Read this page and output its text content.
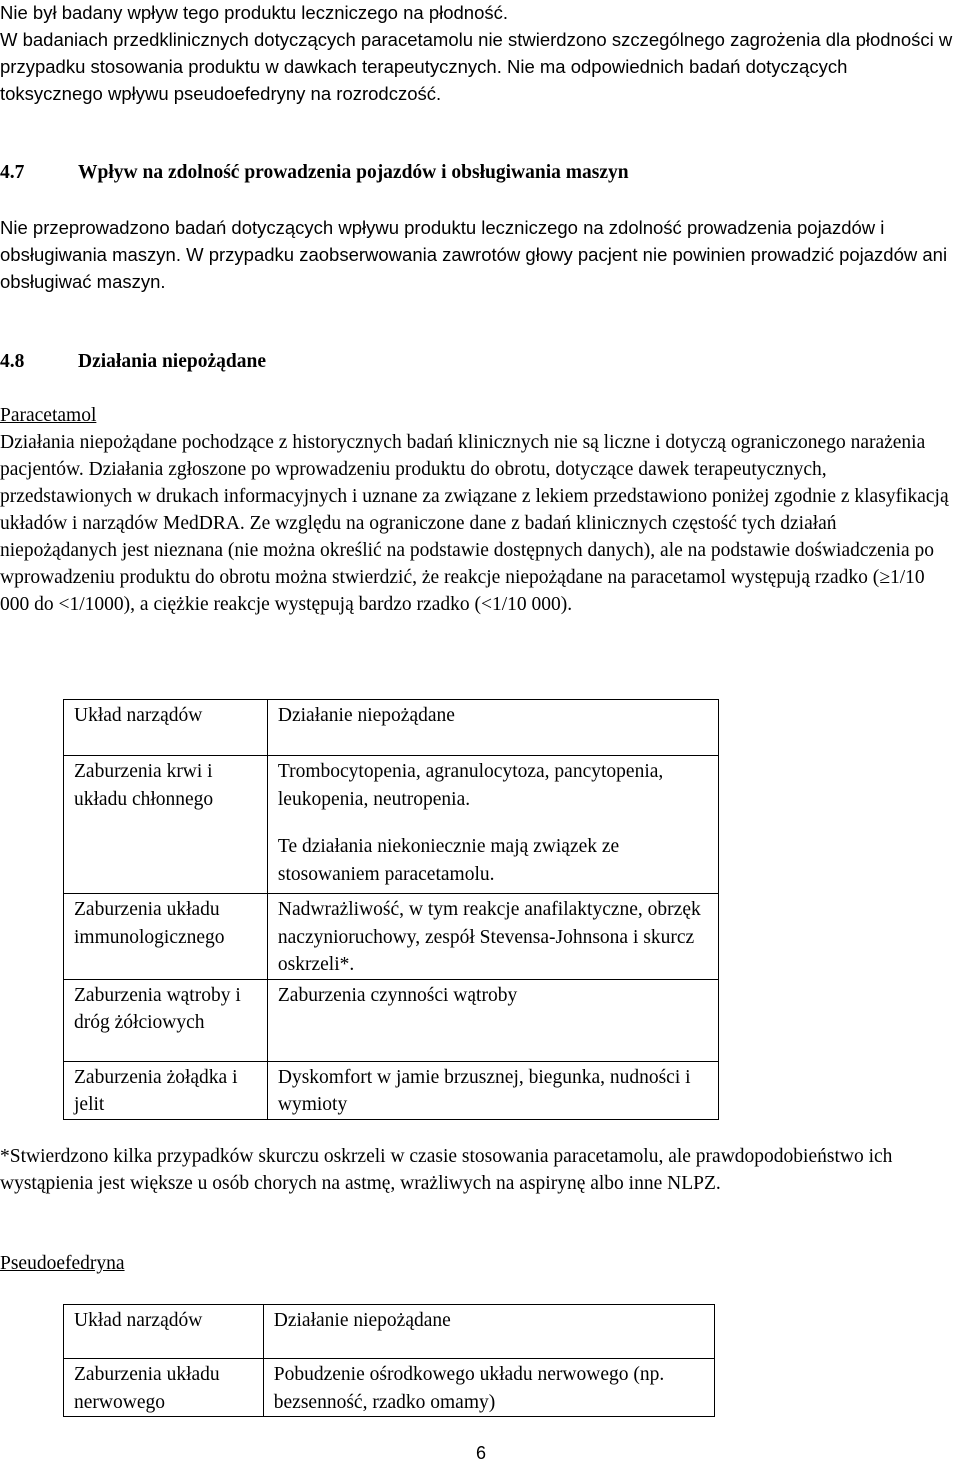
Nie był badany wpływ tego produktu leczniczego na płodność.
W badaniach przedklinicznych dotyczących paracetamolu nie stwierdzono szczególnego zagrożenia dla płodności w przypadku stosowania produktu w dawkach terapeutycznych. Nie ma odpowiednich badań dotyczących toksycznego wpływu pseudoefedryny na rozrodczość.

4.7	Wpływ na zdolność prowadzenia pojazdów i obsługiwania maszyn

Nie przeprowadzono badań dotyczących wpływu produktu leczniczego na zdolność prowadzenia pojazdów i obsługiwania maszyn. W przypadku zaobserwowania zawrotów głowy pacjent nie powinien prowadzić pojazdów ani obsługiwać maszyn.

4.8	Działania niepożądane
Paracetamol

Działania niepożądane pochodzące z historycznych badań klinicznych nie są liczne i dotyczą ograniczonego narażenia pacjentów. Działania zgłoszone po wprowadzeniu produktu do obrotu, dotyczące dawek terapeutycznych, przedstawionych w drukach informacyjnych i uznane za związane z lekiem przedstawiono poniżej zgodnie z klasyfikacją układów i narządów MedDRA. Ze względu na ograniczone dane z badań klinicznych częstość tych działań niepożądanych jest nieznana (nie można określić na podstawie dostępnych danych), ale na podstawie doświadczenia po wprowadzeniu produktu do obrotu można stwierdzić, że reakcje niepożądane na paracetamol występują rzadko (≥1/10 000 do <1/1000), a ciężkie reakcje występują bardzo rzadko (<1/10 000).

Układ narządów	Działanie niepożądane
Zaburzenia krwi i układu chłonnego	Trombocytopenia, agranulocytoza, pancytopenia, leukopenia, neutropenia.
Te działania niekoniecznie mają związek ze stosowaniem paracetamolu.

Zaburzenia układu immunologicznego	Nadwrażliwość, w tym reakcje anafilaktyczne, obrzęk naczynioruchowy, zespół Stevensa-Johnsona i skurcz oskrzeli*.
Zaburzenia wątroby i dróg żółciowych	Zaburzenia czynności wątroby
Zaburzenia żołądka i jelit	Dyskomfort w jamie brzusznej, biegunka, nudności i wymioty

*Stwierdzono kilka przypadków skurczu oskrzeli w czasie stosowania paracetamolu, ale prawdopodobieństwo ich wystąpienia jest większe u osób chorych na astmę, wrażliwych na aspirynę albo inne NLPZ.

Pseudoefedryna
Układ narządów	Działanie niepożądane
Zaburzenia układu nerwowego	Pobudzenie ośrodkowego układu nerwowego (np. bezsenność, rzadko omamy)
6
